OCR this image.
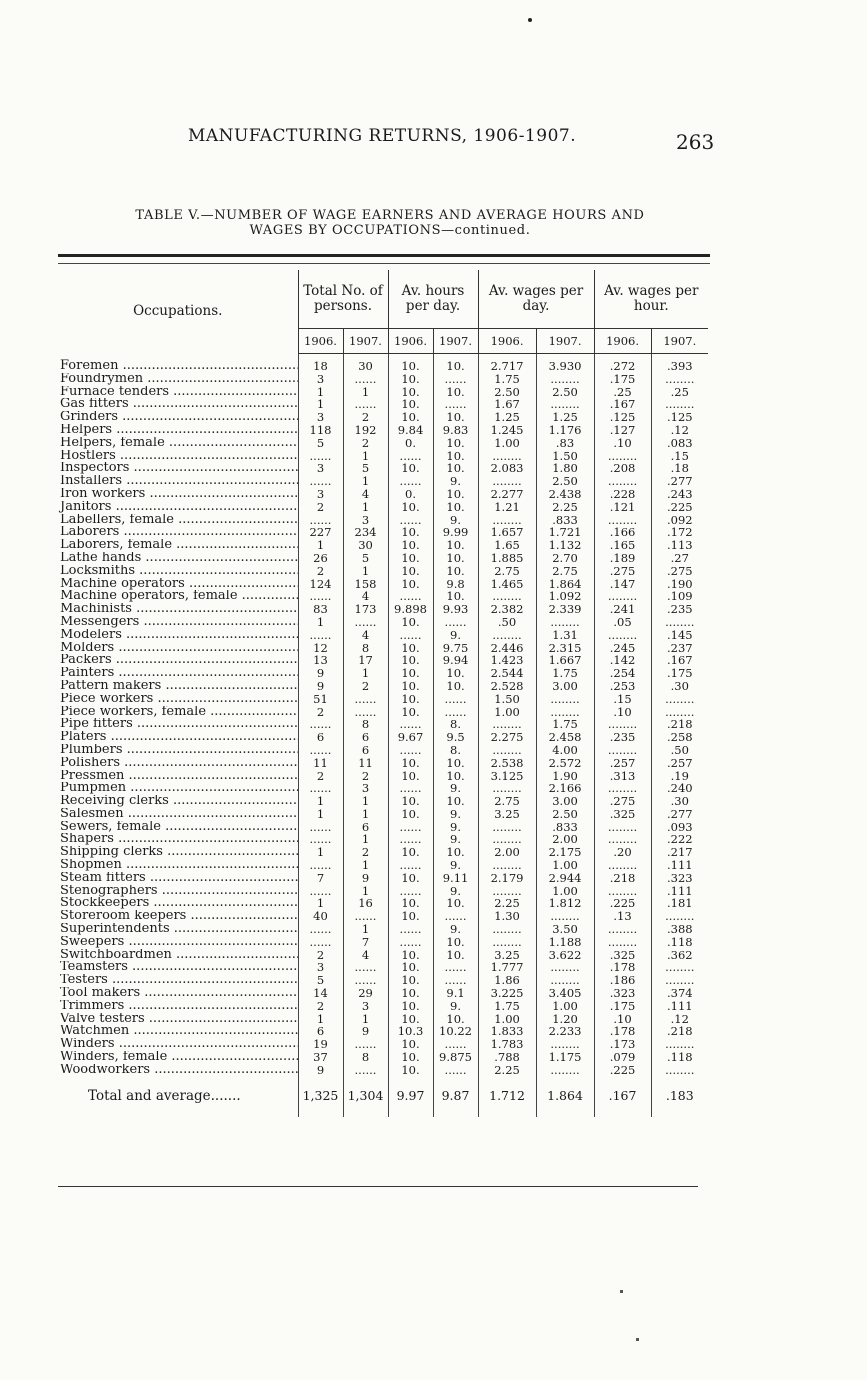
MANUFACTURING RETURNS, 1906-1907.	263
TABLE V.—NUMBER OF WAGE EARNERS AND AVERAGE HOURS AND
WAGES BY OCCUPATIONS—continued.
Occupations.	Total No. of persons.		Av. hours per day.		Av. wages per day.		Av. wages per hour.	
	1906.	1907.	1906.	1907.	1906.	1907.	1906.	1907.
Foremen .....	18	30	10.	10.	2.717	3.930	.272	.393
Foundrymen .....	3	......	10.	......	1.75	........	.175	........
Furnace tenders .....	1	1	10.	10.	2.50	2.50	.25	.25
Gas fitters .....	1	......	10.	......	1.67	........	.167	........
Grinders .....	3	2	10.	10.	1.25	1.25	.125	.125
Helpers .....	118	192	9.84	9.83	1.245	1.176	.127	.12
Helpers, female .....	5	2	0.	10.	1.00	.83	.10	.083
Hostlers .....	......	1	......	10.	........	1.50	........	.15
Inspectors .....	3	5	10.	10.	2.083	1.80	.208	.18
Installers .....	......	1	......	9.	........	2.50	........	.277
Iron workers .....	3	4	0.	10.	2.277	2.438	.228	.243
Janitors .....	2	1	10.	10.	1.21	2.25	.121	.225
Labellers, female .....	......	3	......	9.	........	.833	........	.092
Laborers .....	227	234	10.	9.99	1.657	1.721	.166	.172
Laborers, female .....	1	30	10.	10.	1.65	1.132	.165	.113
Lathe hands .....	26	5	10.	10.	1.885	2.70	.189	.27
Locksmiths .....	2	1	10.	10.	2.75	2.75	.275	.275
Machine operators .....	124	158	10.	9.8	1.465	1.864	.147	.190
Machine operators, female .....	......	4	......	10.	........	1.092	........	.109
Machinists .....	83	173	9.898	9.93	2.382	2.339	.241	.235
Messengers .....	1	......	10.	......	.50	........	.05	........
Modelers .....	......	4	......	9.	........	1.31	........	.145
Molders .....	12	8	10.	9.75	2.446	2.315	.245	.237
Packers .....	13	17	10.	9.94	1.423	1.667	.142	.167
Painters .....	9	1	10.	10.	2.544	1.75	.254	.175
Pattern makers .....	9	2	10.	10.	2.528	3.00	.253	.30
Piece workers .....	51	......	10.	......	1.50	........	.15	........
Piece workers, female .....	2	......	10.	......	1.00	........	.10	........
Pipe fitters .....	......	8	......	8.	........	1.75	........	.218
Platers .....	6	6	9.67	9.5	2.275	2.458	.235	.258
Plumbers .....	......	6	......	8.	........	4.00	........	.50
Polishers .....	11	11	10.	10.	2.538	2.572	.257	.257
Pressmen .....	2	2	10.	10.	3.125	1.90	.313	.19
Pumpmen .....	......	3	......	9.	........	2.166	........	.240
Receiving clerks .....	1	1	10.	10.	2.75	3.00	.275	.30
Salesmen .....	1	1	10.	9.	3.25	2.50	.325	.277
Sewers, female .....	......	6	......	9.	........	.833	........	.093
Shapers .....	......	1	......	9.	........	2.00	........	.222
Shipping clerks .....	1	2	10.	10.	2.00	2.175	.20	.217
Shopmen .....	......	1	......	9.	........	1.00	........	.111
Steam fitters .....	7	9	10.	9.11	2.179	2.944	.218	.323
Stenographers .....	......	1	......	9.	........	1.00	........	.111
Stockkeepers .....	1	16	10.	10.	2.25	1.812	.225	.181
Storeroom keepers .....	40	......	10.	......	1.30	........	.13	........
Superintendents .....	......	1	......	9.	........	3.50	........	.388
Sweepers .....	......	7	......	10.	........	1.188	........	.118
Switchboardmen .....	2	4	10.	10.	3.25	3.622	.325	.362
Teamsters .....	3	......	10.	......	1.777	........	.178	........
Testers .....	5	......	10.	......	1.86	........	.186	........
Tool makers .....	14	29	10.	9.1	3.225	3.405	.323	.374
Trimmers .....	2	3	10.	9.	1.75	1.00	.175	.111
Valve testers .....	1	1	10.	10.	1.00	1.20	.10	.12
Watchmen .....	6	9	10.3	10.22	1.833	2.233	.178	.218
Winders .....	19	......	10.	......	1.783	........	.173	........
Winders, female .....	37	8	10.	9.875	.788	1.175	.079	.118
Woodworkers .....	9	......	10.	......	2.25	........	.225	........
Total and average.......	1,325	1,304	9.97	9.87	1.712	1.864	.167	.183
